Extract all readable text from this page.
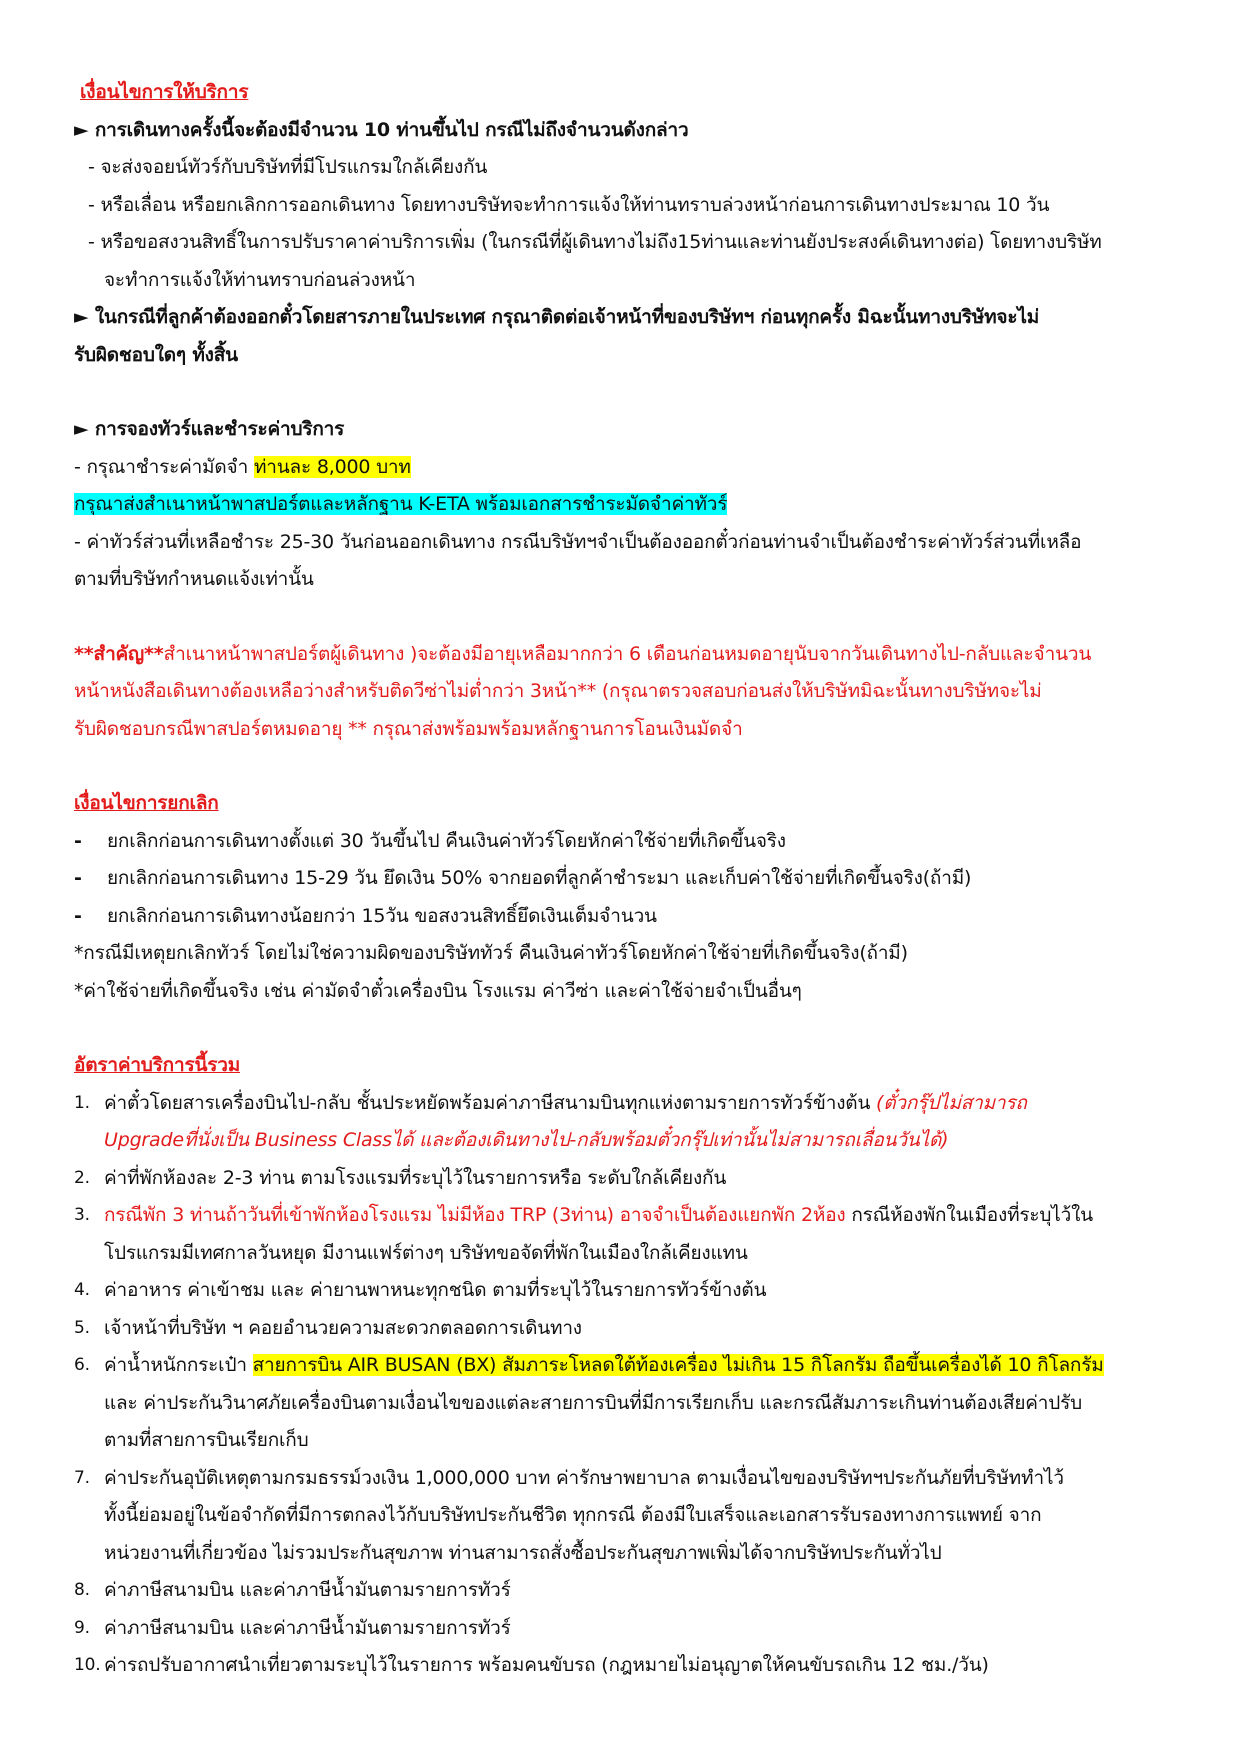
เงื่อนไขการให้บริการ
► การเดินทางครั้งนี้จะต้องมีจำนวน 10 ท่านขึ้นไป กรณีไม่ถึงจำนวนดังกล่าว
- จะส่งจอยน์ทัวร์กับบริษัทที่มีโปรแกรมใกล้เคียงกัน
- หรือเลื่อน หรือยกเลิกการออกเดินทาง โดยทางบริษัทจะทำการแจ้งให้ท่านทราบล่วงหน้าก่อนการเดินทางประมาณ 10 วัน
- หรือขอสงวนสิทธิ์ในการปรับราคาค่าบริการเพิ่ม (ในกรณีที่ผู้เดินทางไม่ถึง15ท่านและท่านยังประสงค์เดินทางต่อ) โดยทางบริษัท
จะทำการแจ้งให้ท่านทราบก่อนล่วงหน้า
► ในกรณีที่ลูกค้าต้องออกตั๋วโดยสารภายในประเทศ กรุณาติดต่อเจ้าหน้าที่ของบริษัทฯ ก่อนทุกครั้ง มิฉะนั้นทางบริษัทจะไม่
รับผิดชอบใดๆ ทั้งสิ้น
► การจองทัวร์และชำระค่าบริการ
- กรุณาชำระค่ามัดจำ ท่านละ 8,000 บาท
กรุณาส่งสำเนาหน้าพาสปอร์ตและหลักฐาน K-ETA พร้อมเอกสารชำระมัดจำค่าทัวร์
- ค่าทัวร์ส่วนที่เหลือชำระ 25-30 วันก่อนออกเดินทาง กรณีบริษัทฯจำเป็นต้องออกตั๋วก่อนท่านจำเป็นต้องชำระค่าทัวร์ส่วนที่เหลือ
ตามที่บริษัทกำหนดแจ้งเท่านั้น
**สำคัญ**สำเนาหน้าพาสปอร์ตผู้เดินทาง )จะต้องมีอายุเหลือมากกว่า 6 เดือนก่อนหมดอายุนับจากวันเดินทางไป-กลับและจำนวน
หน้าหนังสือเดินทางต้องเหลือว่างสำหรับติดวีซ่าไม่ต่ำกว่า 3หน้า** (กรุณาตรวจสอบก่อนส่งให้บริษัทมิฉะนั้นทางบริษัทจะไม่
รับผิดชอบกรณีพาสปอร์ตหมดอายุ ** กรุณาส่งพร้อมพร้อมหลักฐานการโอนเงินมัดจำ
เงื่อนไขการยกเลิก
-	ยกเลิกก่อนการเดินทางตั้งแต่ 30 วันขึ้นไป คืนเงินค่าทัวร์โดยหักค่าใช้จ่ายที่เกิดขึ้นจริง
-	ยกเลิกก่อนการเดินทาง 15-29 วัน ยึดเงิน 50% จากยอดที่ลูกค้าชำระมา และเก็บค่าใช้จ่ายที่เกิดขึ้นจริง(ถ้ามี)
-	ยกเลิกก่อนการเดินทางน้อยกว่า 15วัน ขอสงวนสิทธิ์ยึดเงินเต็มจำนวน
*กรณีมีเหตุยกเลิกทัวร์ โดยไม่ใช่ความผิดของบริษัททัวร์ คืนเงินค่าทัวร์โดยหักค่าใช้จ่ายที่เกิดขึ้นจริง(ถ้ามี)
*ค่าใช้จ่ายที่เกิดขึ้นจริง เช่น ค่ามัดจำตั๋วเครื่องบิน โรงแรม ค่าวีซ่า และค่าใช้จ่ายจำเป็นอื่นๆ
อัตราค่าบริการนี้รวม
1. ค่าตั๋วโดยสารเครื่องบินไป-กลับ ชั้นประหยัดพร้อมค่าภาษีสนามบินทุกแห่งตามรายการทัวร์ข้างต้น (ตั๋วกรุ๊ปไม่สามารถ
Upgradeที่นั่งเป็น Business Classได้ และต้องเดินทางไป-กลับพร้อมตั๋วกรุ๊ปเท่านั้นไม่สามารถเลื่อนวันได้)
2. ค่าที่พักห้องละ 2-3 ท่าน ตามโรงแรมที่ระบุไว้ในรายการหรือ ระดับใกล้เคียงกัน
3. กรณีพัก 3 ท่านถ้าวันที่เข้าพักห้องโรงแรม ไม่มีห้อง TRP (3ท่าน) อาจจำเป็นต้องแยกพัก 2ห้อง กรณีห้องพักในเมืองที่ระบุไว้ใน
โปรแกรมมีเทศกาลวันหยุด มีงานแฟร์ต่างๆ บริษัทขอจัดที่พักในเมืองใกล้เคียงแทน
4. ค่าอาหาร ค่าเข้าชม และ ค่ายานพาหนะทุกชนิด ตามที่ระบุไว้ในรายการทัวร์ข้างต้น
5. เจ้าหน้าที่บริษัท ฯ คอยอำนวยความสะดวกตลอดการเดินทาง
6. ค่าน้ำหนักกระเป๋า สายการบิน AIR BUSAN (BX) สัมภาระโหลดใต้ท้องเครื่อง ไม่เกิน 15 กิโลกรัม ถือขึ้นเครื่องได้ 10 กิโลกรัม
และ ค่าประกันวินาศภัยเครื่องบินตามเงื่อนไขของแต่ละสายการบินที่มีการเรียกเก็บ และกรณีสัมภาระเกินท่านต้องเสียค่าปรับ
ตามที่สายการบินเรียกเก็บ
7. ค่าประกันอุบัติเหตุตามกรมธรรม์วงเงิน 1,000,000 บาท ค่ารักษาพยาบาล ตามเงื่อนไขของบริษัทฯประกันภัยที่บริษัททำไว้
ทั้งนี้ย่อมอยู่ในข้อจำกัดที่มีการตกลงไว้กับบริษัทประกันชีวิต ทุกกรณี ต้องมีใบเสร็จและเอกสารรับรองทางการแพทย์ จาก
หน่วยงานที่เกี่ยวข้อง ไม่รวมประกันสุขภาพ ท่านสามารถสั่งซื้อประกันสุขภาพเพิ่มได้จากบริษัทประกันทั่วไป
8. ค่าภาษีสนามบิน และค่าภาษีน้ำมันตามรายการทัวร์
9. ค่าภาษีสนามบิน และค่าภาษีน้ำมันตามรายการทัวร์
10. ค่ารถปรับอากาศนำเที่ยวตามระบุไว้ในรายการ พร้อมคนขับรถ (กฎหมายไม่อนุญาตให้คนขับรถเกิน 12 ชม./วัน)
